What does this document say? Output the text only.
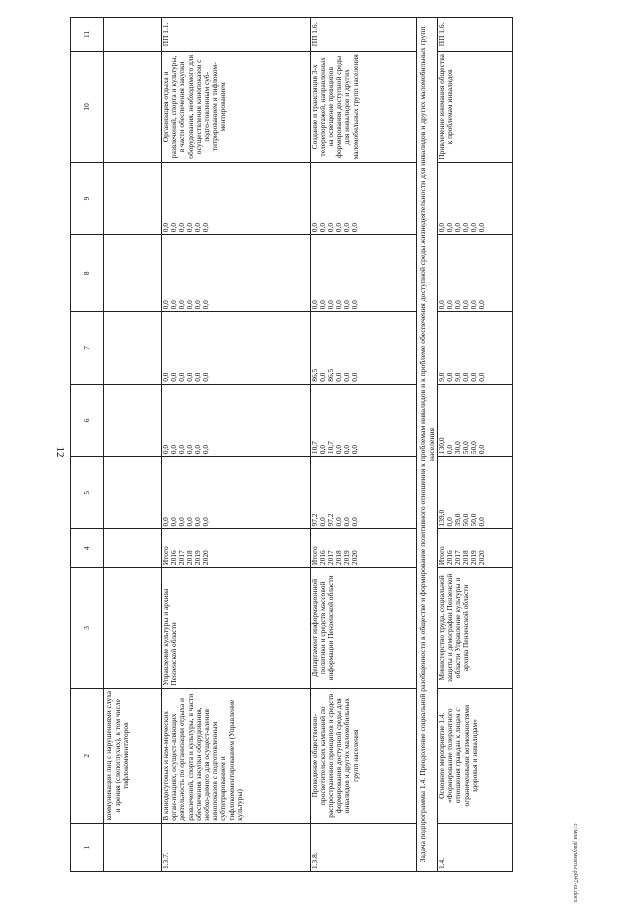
12
1	2	3	4	5	6	7	8	9	10	11
	коммуникации лиц с нарушениями слуха и зрения (слепоглухих), в том числе тифлокомментаторов									
1.3.7.	В кинодосуговых и ком-мерческих орган-изациях, осущест-вляющих деятельность по организации отдыха и развлечений, спорта и культуры, в части обеспечения закупки оборудования, необхо-димого для осущест-вления кинопоказов с подготовленным субтитрированием и тифлокомментированием (Управление культуры)	Управление культуры и архива Пензенской области	Итого	0,0	0,0	0,0	0,0	0,0	Организация отдыха и развлечений, спорта и культуры, в части обеспечения закупки оборудования, необходимого для осуществления кинопоказов с подго-товленным суб-титрированием и тифлоком-ментированием	ПП 1.1.
			2016	0,0	0,0	0,0	0,0	0,0		
			2017	0,0	0,0	0,0	0,0	0,0		
			2018	0,0	0,0	0,0	0,0	0,0		
			2019	0,0	0,0	0,0	0,0	0,0		
			2020	0,0	0,0	0,0	0,0	0,0		
1.3.8.	Проведение общественно-просветительских кампаний по распространению принципов и средств формирования доступной среды для инвалидов и других маломобильных групп населения	Департамент информационной политики и средств массовой информации Пензенской области	Итого	97,2	10,7	86,5	0,0	0,0	Создание и трансляция 3-х телерепортажей, направленных на освещение принципов формирования доступной среды для инвалидов и других маломобильных групп населения	ПП 1.6.
			2016	0,0	0,0	0,0	0,0	0,0		
			2017	97,2	10,7	86,5	0,0	0,0		
			2018	0,0	0,0	0,0	0,0	0,0		
			2019	0,0	0,0	0,0	0,0	0,0		
			2020	0,0	0,0	0,0	0,0	0,0		
Задача подпрограммы 1.4. Преодоление социальной разобщенности в обществе и формирование позитивного отношения к проблемам инвалидов и к проблеме обеспечения доступной среды жизнедеятельности для инвалидов и других маломобильных групп населения										
1.4.	Основное мероприятие 1.4. «Формирование толерантного отношения граждан к лицам с ограниченными возможностями здоровья и инвалидам»	Министерство труда, социальной защиты и демографии Пензенской области Управление культуры и архива Пензенской области	Итого	139,0	130,0	9,0	0,0	0,0	Привлечение внимания общества к проблемам инвалидов	ПП 1.6.
			2016	0,0	0,0	0,0	0,0	0,0		
			2017	39,0	30,0	9,0	0,0	0,0		
			2018	50,0	50,0	0,0	0,0	0,0		
			2019	50,0	50,0	0,0	0,0	0,0		
			2020	0,0	0,0	0,0	0,0	0,0		
c:\мои документы\p047-ш.docx
